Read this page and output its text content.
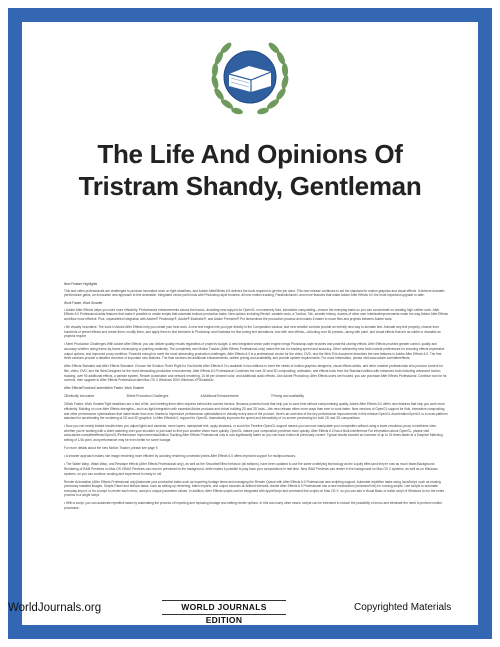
The Life And Opinions Of
Tristram Shandy, Gentleman

New Feature Highlights

This and video professionals are challenged to produce innovative work on tight deadlines, and Adobe AfterEffects 6.5 delivers the tools required to get the job done. This new release continues to set the standard for motion graphics and visual effects. It delivers dramatic performance gains, an innovative new approach to text animation, integrated vector paint tools with Photoshop-style brushes, all new motion tracking, Parabolicfunnel, and more features that make Adobe After Effects 6.0 the most important upgrade to date.

Work Faster, Work Smarter

• Adobe After Effects helps you work more efficiently. Performance enhancements across the board—including new support for OpenGL on extremely fluid, interactive compositing—ensure the everyday tasks so you can concentrate on creating high-caliber work. After Effects 6.0 Professional adds features that make it possible to create scripts that automate tedious production tasks. New options including Revisit, variable undo, a Toolbox, Tab, smarter history, dozens of other user interfaceimprovements make the way Adobe After Effects workflow more efficient. Plus, unparalleled integration with Adobe® Photoshop®, Adobe® Illustrator®, and Adobe Premiere® Pro streamlines the production process and makes it easier to move files and projects between Adobe tools.

• Be visually innovative: The tools in Adobe After Effects help you create your best work. A new text engine lets you type directly in the Composition window, and new creative controls provide an entirely new way to animate text. Animate any text property, choose from hundreds of preset effects and create them, modify them, and apply them to text elements in Photoshop and Illustrator for fine-tuning text animations. And with new effects—including over 60 presets—along with paint, and visual effects that are as subtle or dramatic as projects require.

• Meet Production Challenges With Adobe After Effects: you can deliver quality results regardless of project's budget. A new integrated vector paint engine brings Photoshop-style brushes and powerful cloning effects. After Effects provides greater control, quality and accuracy whether doing frame-by-frame rotoscoping or painting creatively. The completely new Motion Tracker (After Effects Professional only) raises the bar for tracking speed and accuracy. Other noteworthy new tools include preferences for ensuring effects expressive output options, and improved proxy workflow. Powerful enough to meet the most demanding production challenges, After Effects 6.0 is a professional choice for the video, DVD, and the Web.This document describes the new features in Adobe After Effects 6.0. The first three sections provide a detailed overview of important new features. The final sections list additional enhancements, outline pricing and availability, and provide system requirements. For more information, please visit www.adobe.com/aftereffects.

After Effects Standard and After Effects Standard: Choose the Solution That's Right for You!Adobe After Effects 6.0 is available in two editions to meet the needs of motion graphics designers, visual effects artists, and other creative professionals who produce content for film, video, DVD, and the Web.Designed for the most demanding production environments, After Effects 6.0 Professional Combines the core 2D and 3D compositing, animation, and effects tools from the Standard edition with enhanced tools including advanced motion tracking, over 90 additional effects, a particle system, Render Automation and network rendering, 16 bit per channel color, and additional audio effects. Like Adobe Photoshop, After Effects users are hooked, you can purchase After Effects Professional. Continue now for its controls, then upgrade to After Effects Professional later.Mac OS X Windows 2000 Windows XPGlobalAdv

After Effects/FunctionContentWork Faster, Work Smarter

2Brnitually Innovative	3Meet Production Challenges	4Additional Enhancements	7Pricing and availability

2Work Faster, Work SmarterTight deadlines are a fact of life, and meeting them often requires behind-the-scenes heroics. Because powerful tools that help you to save time without compromising quality, Adobe After Effects 6.0 offers new features that help you work more efficiently. Building on core After Effects strengths—such as tight integration with essential Adobe products and virtual building 2D and 3D tools—this new release offers more ways than ever to work faster. New versions of OpenGL support for fluid, interactive compositing and other performance optimizations that make faster than ever, thanks to impressive performance optimizations in virtually every area of the product. Here's an overview of the key performance improvements in this release.OpenGL AccelerationOpenGL is a cross-platform standard for accelerating the rendering of 2D and 3D graphics. In After Effects6.0, support for OpenGL dramatically improves the speed and interactivity of on-screen previewing for both 2D and 3D compositions.

• Now you can nearly instant results when you adjust lights and cameras, move layers, manipulate text, apply shadows, or scrub the Timeline.OpenGL support means you can now manipulate your composites without using a lower-resolution proxy a wireframe view, whether you're working with a client watching over your shoulder or just want to find your creative vision more quickly. OpenGL makes your composition previews more quickly. After Effects 6.0 has a Built-interference.Far information about OpenGL, please visit www.adobe.com/aftereffects/OpenGL/Performance ImprovementsAddition Tracking.After Effects Professional only is now significantly faster so you can track motion at previously current. Typical results showed an increase of up to 15 times faster at a Subpixel Matching setting of 1/16 pixel, and performance may be even better for some footage.

For more details about the new Motion Tracker, please see page 9.

• A smarter approach makes rule image rendering more efficient by avoiding rendering unneeded pixels.After Effects 6.0 offers improved support for multiprocessors.

• The Water Warp, Wash Warp, and Reshape effects (After Effects Professional only), as well as the SmootherEffect behavior (all editions), have been updated to use the same underlying technology as the Liquify effect,and they're now as much faster.Background Rendering of RAM Previews on Mac OS XRAM Previews can now be previewed in the background, while makes it possible to play back your compositions in real time. New RAM Previews can render in the background on Mac OS X systems, as well as on Windows systems, so you can continue working and experience is ready to roll.

Render Automation (After Effects Professional only)Automate your production tasks such as importing footage items and managing the Render Queue with After Effects 6.0 Professional new scripting support. Automate repetitive tasks using JavaScript, such as reusing previously installed images. Scripts Panel and tedious tasks, such as setting up rendering, batch imports, and output modules at defined intervals. Adobe After Effects 6.0 Professional has a new mechanism (command line) for running scripts. Use scripts to automate everyday import, or for a script to render each menu, accept a unique parameter values. In addition, After Effects scripts can be integrated with AppleScript and command line scripts on Mac OS X, so you can add a Visual Basic or batch script of Windows to run the entire process in a single script.

• With a script, you can automate repetitive tasks by automating the process of importing and replacing footage and setting render options. In this and many other cases, scripts can be extended to reduce the possibility of errors and eliminate the need to perform routine processes.

WorldJournals.org	WORLD JOURNALS EDITION
Copyrighted Materials
